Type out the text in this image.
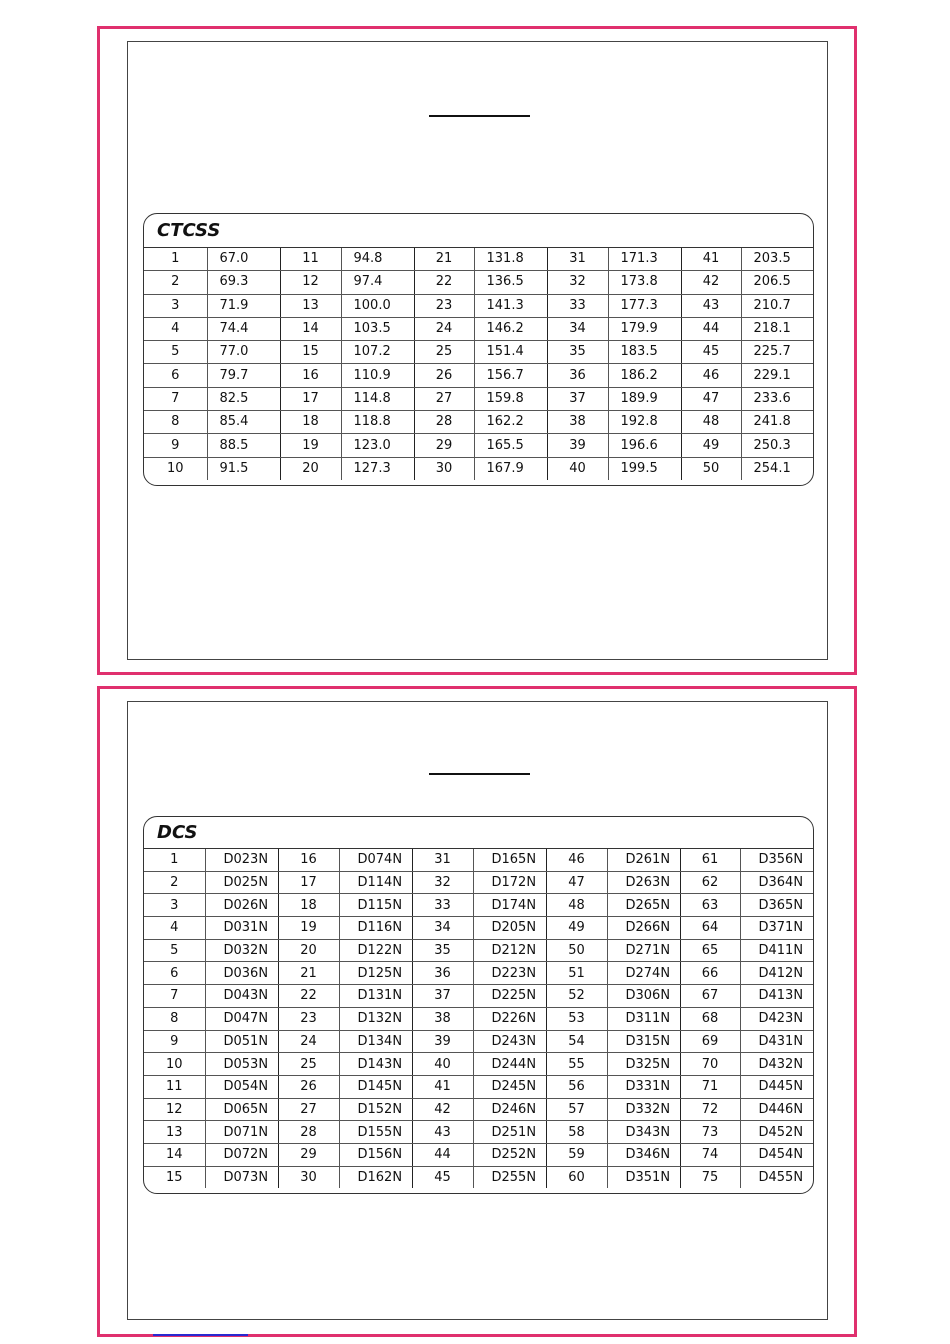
CTCSS
1	67.0	11	94.8	21	131.8	31	171.3	41	203.5
2	69.3	12	97.4	22	136.5	32	173.8	42	206.5
3	71.9	13	100.0	23	141.3	33	177.3	43	210.7
4	74.4	14	103.5	24	146.2	34	179.9	44	218.1
5	77.0	15	107.2	25	151.4	35	183.5	45	225.7
6	79.7	16	110.9	26	156.7	36	186.2	46	229.1
7	82.5	17	114.8	27	159.8	37	189.9	47	233.6
8	85.4	18	118.8	28	162.2	38	192.8	48	241.8
9	88.5	19	123.0	29	165.5	39	196.6	49	250.3
10	91.5	20	127.3	30	167.9	40	199.5	50	254.1
DCS
1	D023N	16	D074N	31	D165N	46	D261N	61	D356N
2	D025N	17	D114N	32	D172N	47	D263N	62	D364N
3	D026N	18	D115N	33	D174N	48	D265N	63	D365N
4	D031N	19	D116N	34	D205N	49	D266N	64	D371N
5	D032N	20	D122N	35	D212N	50	D271N	65	D411N
6	D036N	21	D125N	36	D223N	51	D274N	66	D412N
7	D043N	22	D131N	37	D225N	52	D306N	67	D413N
8	D047N	23	D132N	38	D226N	53	D311N	68	D423N
9	D051N	24	D134N	39	D243N	54	D315N	69	D431N
10	D053N	25	D143N	40	D244N	55	D325N	70	D432N
11	D054N	26	D145N	41	D245N	56	D331N	71	D445N
12	D065N	27	D152N	42	D246N	57	D332N	72	D446N
13	D071N	28	D155N	43	D251N	58	D343N	73	D452N
14	D072N	29	D156N	44	D252N	59	D346N	74	D454N
15	D073N	30	D162N	45	D255N	60	D351N	75	D455N
